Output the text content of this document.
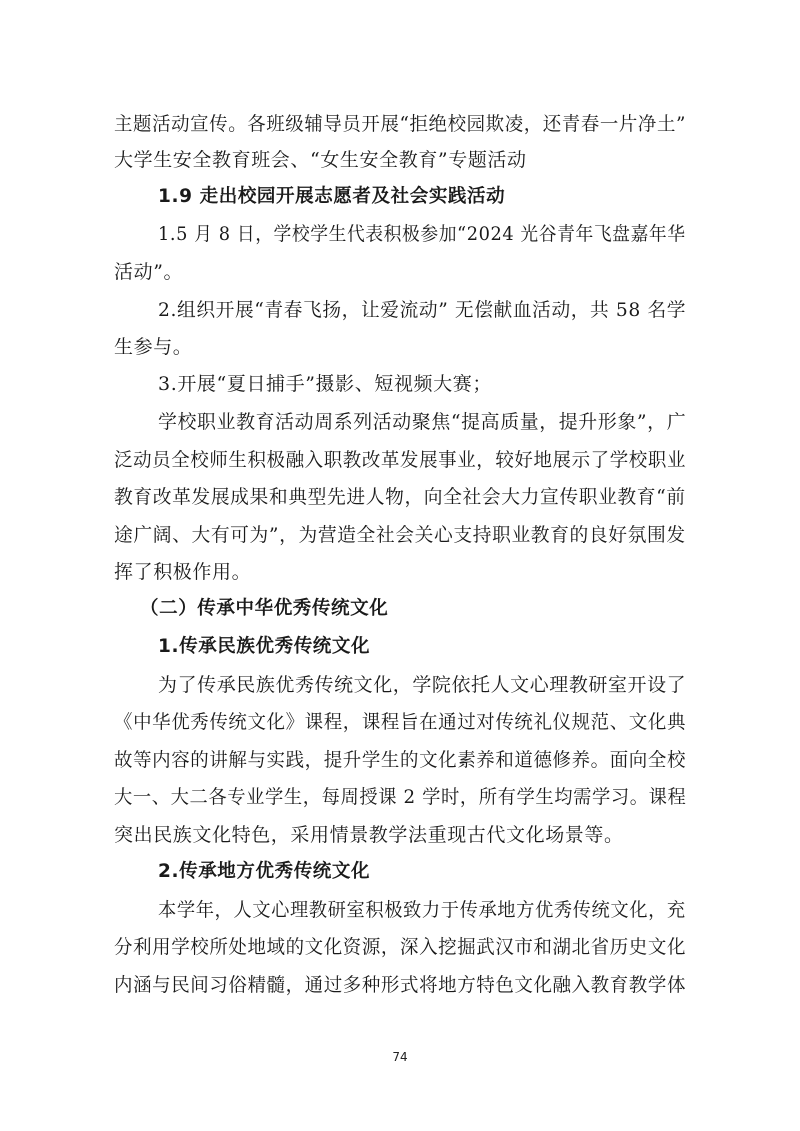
主题活动宣传。各班级辅导员开展“拒绝校园欺凌，还青春一片净土”
大学生安全教育班会、“女生安全教育”专题活动
1.9 走出校园开展志愿者及社会实践活动
1.5 月 8 日，学校学生代表积极参加“2024 光谷青年飞盘嘉年华
活动”。
2.组织开展“青春飞扬，让爱流动” 无偿献血活动，共 58 名学
生参与。
3.开展“夏日捕手”摄影、短视频大赛；
学校职业教育活动周系列活动聚焦“提高质量，提升形象”，广
泛动员全校师生积极融入职教改革发展事业，较好地展示了学校职业
教育改革发展成果和典型先进人物，向全社会大力宣传职业教育“前
途广阔、大有可为”，为营造全社会关心支持职业教育的良好氛围发
挥了积极作用。
（二）传承中华优秀传统文化
1.传承民族优秀传统文化
为了传承民族优秀传统文化，学院依托人文心理教研室开设了
《中华优秀传统文化》课程，课程旨在通过对传统礼仪规范、文化典
故等内容的讲解与实践，提升学生的文化素养和道德修养。面向全校
大一、大二各专业学生，每周授课 2 学时，所有学生均需学习。课程
突出民族文化特色，采用情景教学法重现古代文化场景等。
2.传承地方优秀传统文化
本学年，人文心理教研室积极致力于传承地方优秀传统文化，充
分利用学校所处地域的文化资源，深入挖掘武汉市和湖北省历史文化
内涵与民间习俗精髓，通过多种形式将地方特色文化融入教育教学体
74
